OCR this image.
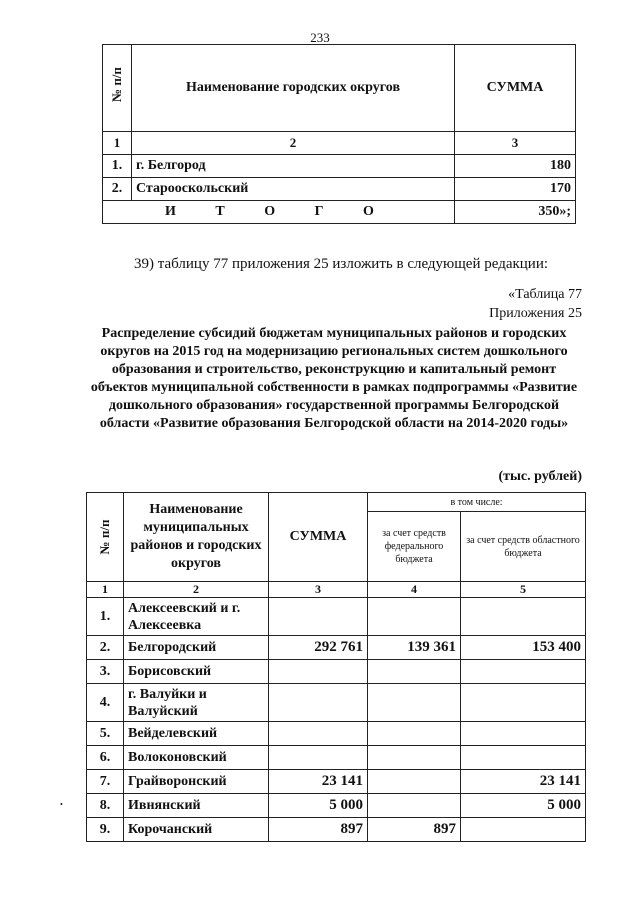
233
№ п/п	Наименование городских округов	СУММА
1	2	3
1.	г. Белгород	180
2.	Старооскольский	170
И Т О Г О		350»;
39) таблицу 77 приложения 25 изложить в следующей редакции:
«Таблица 77
Приложения 25
Распределение субсидий бюджетам муниципальных районов и городских округов на 2015 год на модернизацию региональных систем дошкольного образования и строительство, реконструкцию и капитальный ремонт объектов муниципальной собственности в рамках подпрограммы «Развитие дошкольного образования» государственной программы Белгородской области «Развитие образования Белгородской области на 2014-2020 годы»
(тыс. рублей)
№ п/п	Наименование муниципальных районов и городских округов	СУММА	в том числе:	
			за счет средств федерального бюджета	за счет средств областного бюджета
1	2	3	4	5
1.	Алексеевский и г. Алексеевка			
2.	Белгородский	292 761	139 361	153 400
3.	Борисовский			
4.	г. Валуйки и Валуйский			
5.	Вейделевский			
6.	Волоконовский			
7.	Грайворонский	23 141		23 141
8.	Ивнянский	5 000		5 000
9.	Корочанский	897	897	
•
